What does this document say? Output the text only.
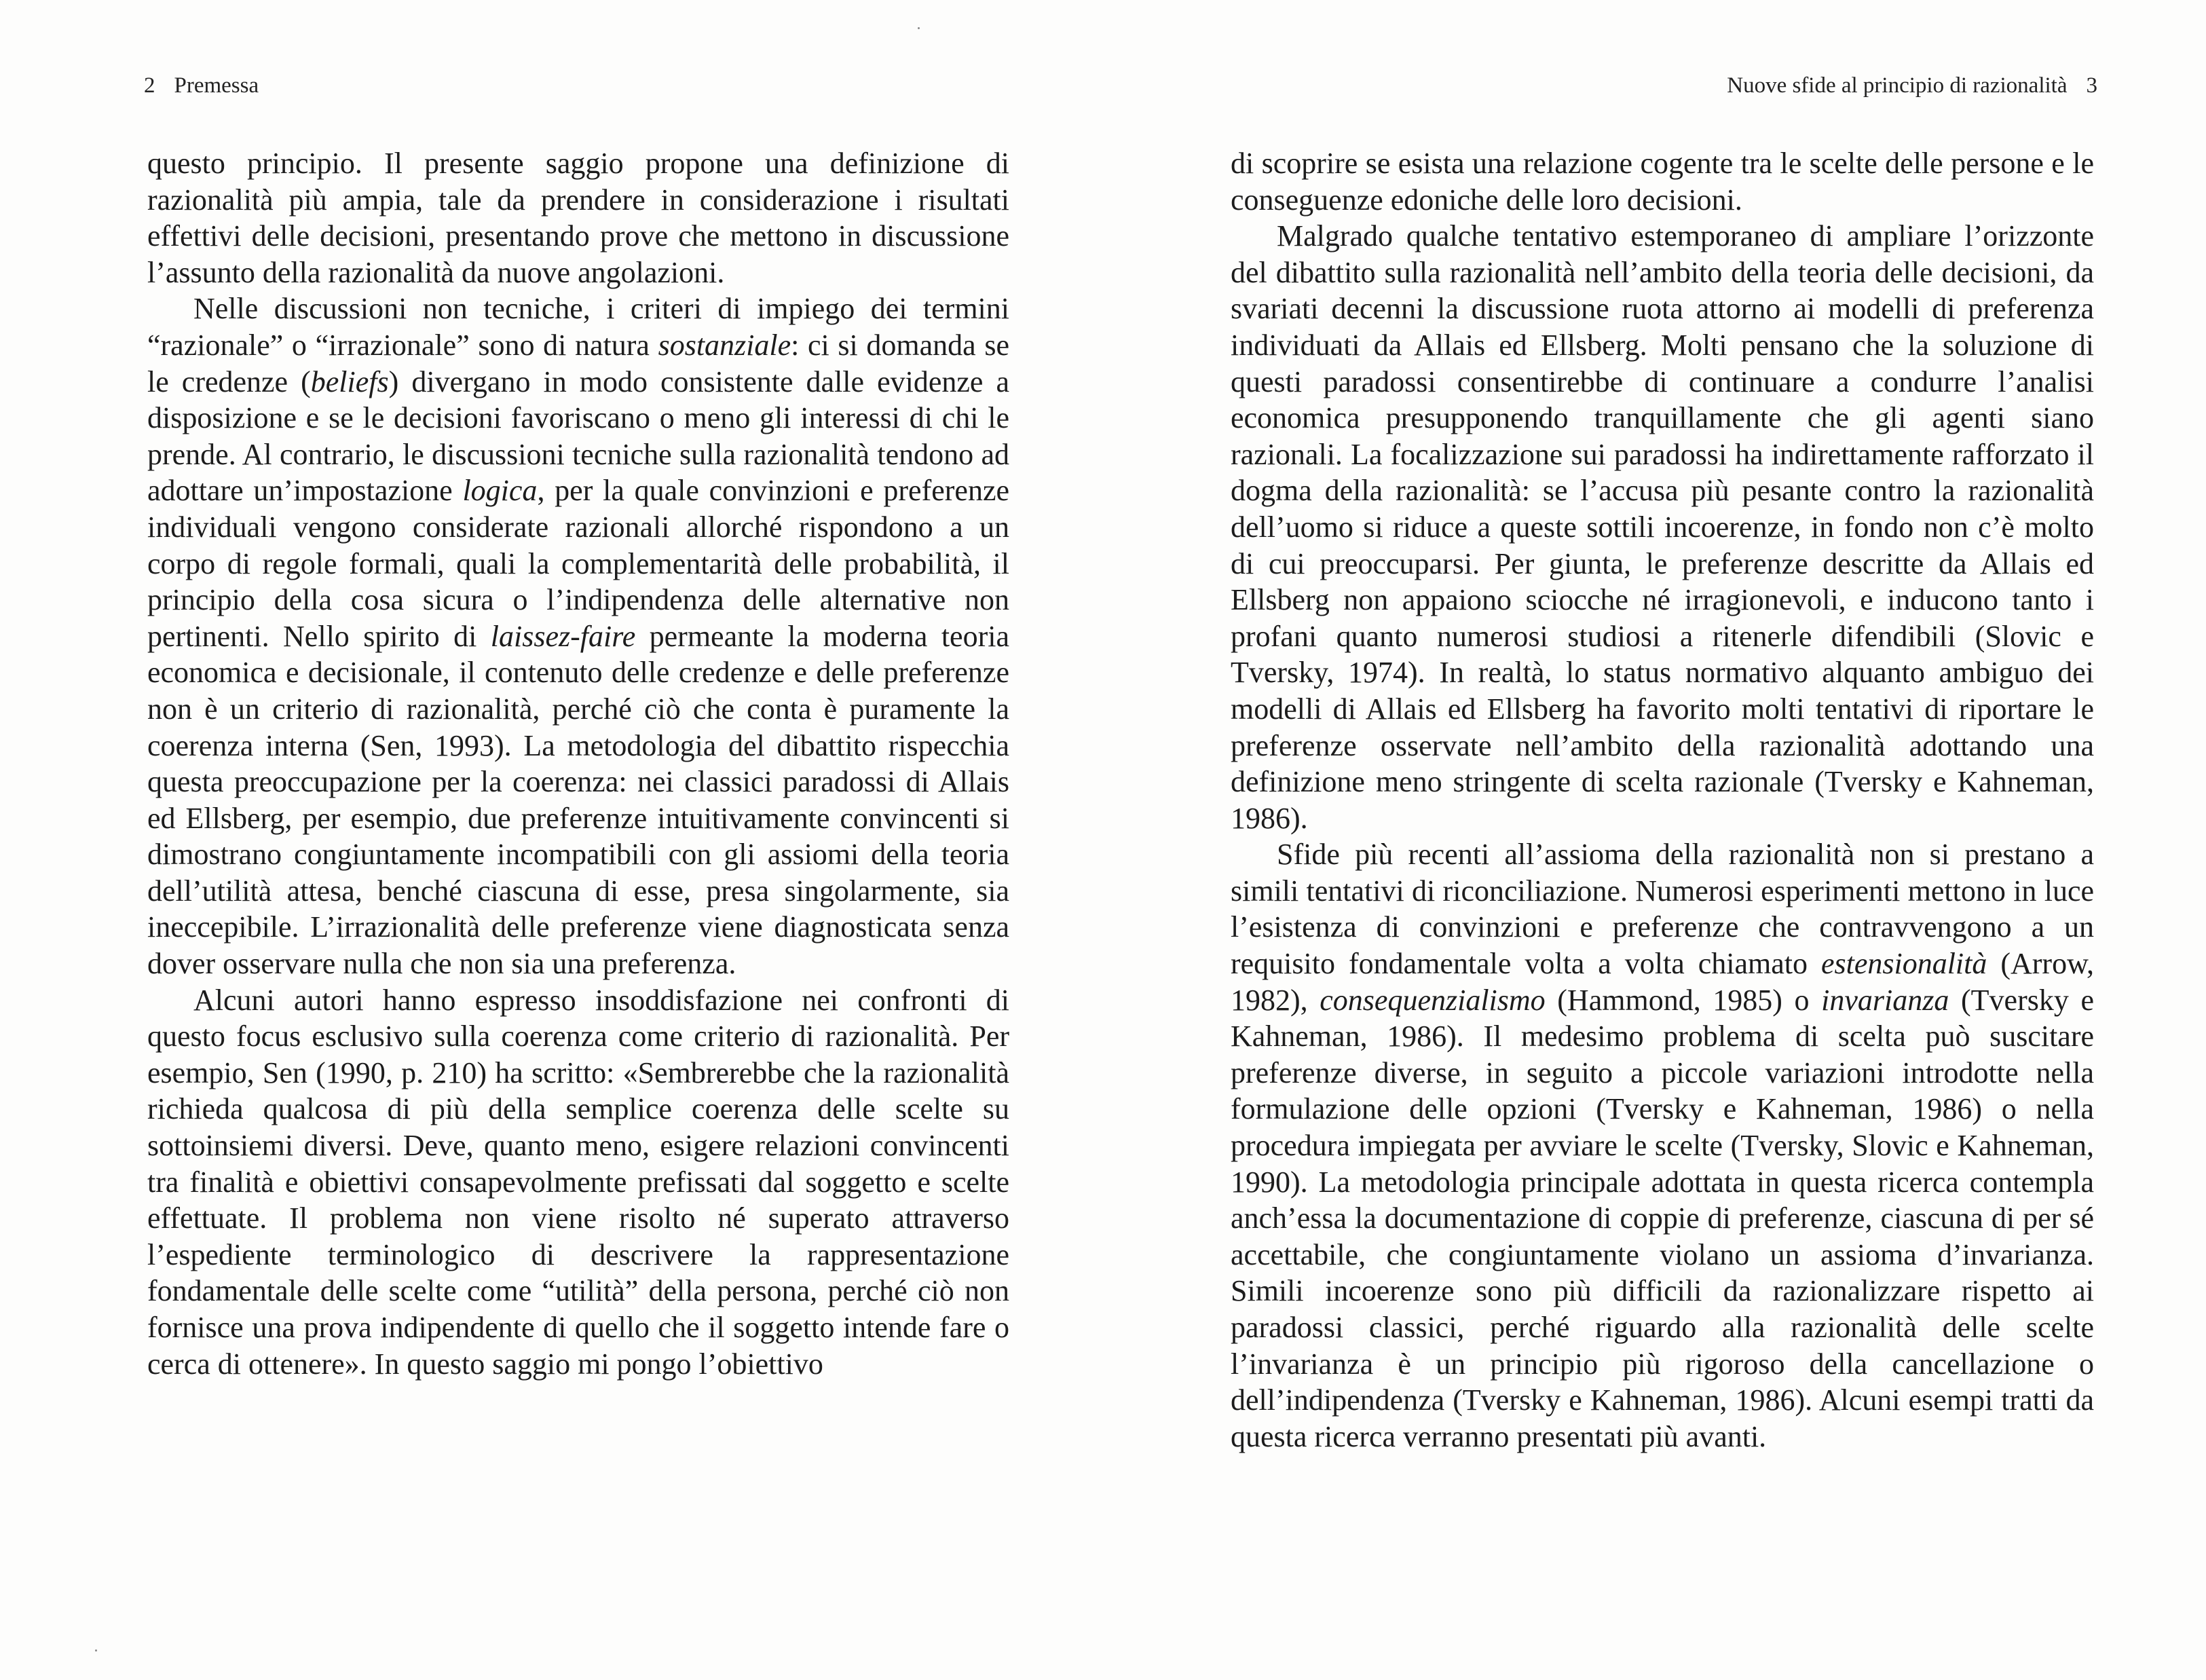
2 Premessa

questo principio. Il presente saggio propone una definizione di razionalità più ampia, tale da prendere in considerazione i risultati effettivi delle decisioni, presentando prove che mettono in discussione l’assunto della razionalità da nuove angolazioni.

Nelle discussioni non tecniche, i criteri di impiego dei termini “razionale” o “irrazionale” sono di natura sostanziale: ci si domanda se le credenze (beliefs) divergano in modo consistente dalle evidenze a disposizione e se le decisioni favoriscano o meno gli interessi di chi le prende. Al contrario, le discussioni tecniche sulla razionalità tendono ad adottare un’impostazione logica, per la quale convinzioni e preferenze individuali vengono considerate razionali allorché rispondono a un corpo di regole formali, quali la complementarità delle probabilità, il principio della cosa sicura o l’indipendenza delle alternative non pertinenti. Nello spirito di laissez-faire permeante la moderna teoria economica e decisionale, il contenuto delle credenze e delle preferenze non è un criterio di razionalità, perché ciò che conta è puramente la coerenza interna (Sen, 1993). La metodologia del dibattito rispecchia questa preoccupazione per la coerenza: nei classici paradossi di Allais ed Ellsberg, per esempio, due preferenze intuitivamente convincenti si dimostrano congiuntamente incompatibili con gli assiomi della teoria dell’utilità attesa, benché ciascuna di esse, presa singolarmente, sia ineccepibile. L’irrazionalità delle preferenze viene diagnosticata senza dover osservare nulla che non sia una preferenza.

Alcuni autori hanno espresso insoddisfazione nei confronti di questo focus esclusivo sulla coerenza come criterio di razionalità. Per esempio, Sen (1990, p. 210) ha scritto: «Sembrerebbe che la razionalità richieda qualcosa di più della semplice coerenza delle scelte su sottoinsiemi diversi. Deve, quanto meno, esigere relazioni convincenti tra finalità e obiettivi consapevolmente prefissati dal soggetto e scelte effettuate. Il problema non viene risolto né superato attraverso l’espediente terminologico di descrivere la rappresentazione fondamentale delle scelte come “utilità” della persona, perché ciò non fornisce una prova indipendente di quello che il soggetto intende fare o cerca di ottenere». In questo saggio mi pongo l’obiettivo

Nuove sfide al principio di razionalità 3

di scoprire se esista una relazione cogente tra le scelte delle persone e le conseguenze edoniche delle loro decisioni.

Malgrado qualche tentativo estemporaneo di ampliare l’orizzonte del dibattito sulla razionalità nell’ambito della teoria delle decisioni, da svariati decenni la discussione ruota attorno ai modelli di preferenza individuati da Allais ed Ellsberg. Molti pensano che la soluzione di questi paradossi consentirebbe di continuare a condurre l’analisi economica presupponendo tranquillamente che gli agenti siano razionali. La focalizzazione sui paradossi ha indirettamente rafforzato il dogma della razionalità: se l’accusa più pesante contro la razionalità dell’uomo si riduce a queste sottili incoerenze, in fondo non c’è molto di cui preoccuparsi. Per giunta, le preferenze descritte da Allais ed Ellsberg non appaiono sciocche né irragionevoli, e inducono tanto i profani quanto numerosi studiosi a ritenerle difendibili (Slovic e Tversky, 1974). In realtà, lo status normativo alquanto ambiguo dei modelli di Allais ed Ellsberg ha favorito molti tentativi di riportare le preferenze osservate nell’ambito della razionalità adottando una definizione meno stringente di scelta razionale (Tversky e Kahneman, 1986).

Sfide più recenti all’assioma della razionalità non si prestano a simili tentativi di riconciliazione. Numerosi esperimenti mettono in luce l’esistenza di convinzioni e preferenze che contravvengono a un requisito fondamentale volta a volta chiamato estensionalità (Arrow, 1982), consequenzialismo (Hammond, 1985) o invarianza (Tversky e Kahneman, 1986). Il medesimo problema di scelta può suscitare preferenze diverse, in seguito a piccole variazioni introdotte nella formulazione delle opzioni (Tversky e Kahneman, 1986) o nella procedura impiegata per avviare le scelte (Tversky, Slovic e Kahneman, 1990). La metodologia principale adottata in questa ricerca contempla anch’essa la documentazione di coppie di preferenze, ciascuna di per sé accettabile, che congiuntamente violano un assioma d’invarianza. Simili incoerenze sono più difficili da razionalizzare rispetto ai paradossi classici, perché riguardo alla razionalità delle scelte l’invarianza è un principio più rigoroso della cancellazione o dell’indipendenza (Tversky e Kahneman, 1986). Alcuni esempi tratti da questa ricerca verranno presentati più avanti.
